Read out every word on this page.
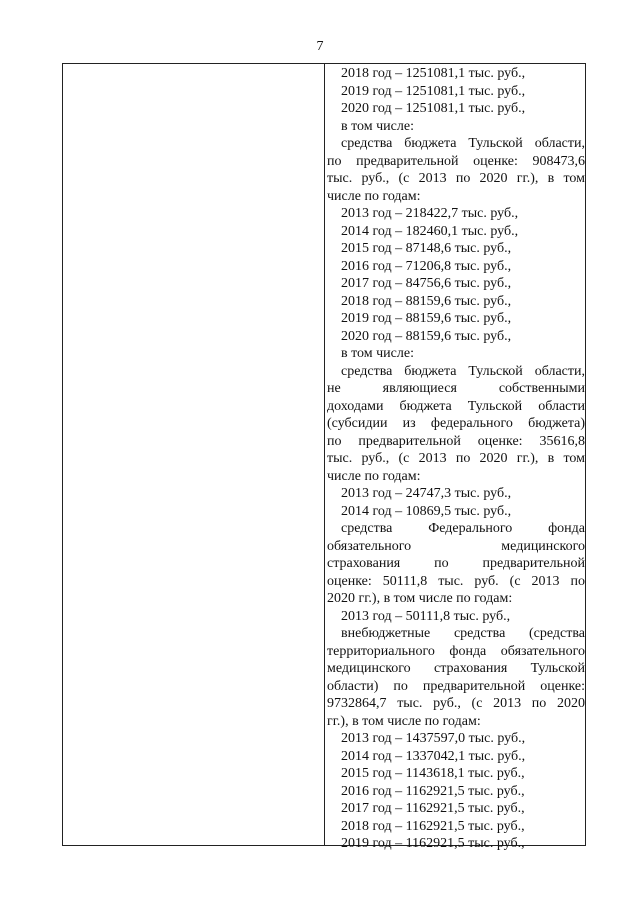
7
2018 год – 1251081,1 тыс. руб.,
2019 год – 1251081,1 тыс. руб.,
2020 год – 1251081,1 тыс. руб.,
в том числе:
средства бюджета Тульской области,
по предварительной оценке: 908473,6
тыс. руб., (с 2013 по 2020 гг.), в том
числе по годам:
2013 год – 218422,7 тыс. руб.,
2014 год – 182460,1 тыс. руб.,
2015 год – 87148,6 тыс. руб.,
2016 год – 71206,8 тыс. руб.,
2017 год – 84756,6 тыс. руб.,
2018 год – 88159,6 тыс. руб.,
2019 год – 88159,6 тыс. руб.,
2020 год – 88159,6 тыс. руб.,
в том числе:
средства бюджета Тульской области,
не являющиеся собственными
доходами бюджета Тульской области
(субсидии из федерального бюджета)
по предварительной оценке: 35616,8
тыс. руб., (с 2013 по 2020 гг.), в том
числе по годам:
2013 год – 24747,3 тыс. руб.,
2014 год – 10869,5 тыс. руб.,
средства Федерального фонда
обязательного медицинского
страхования по предварительной
оценке: 50111,8 тыс. руб. (с 2013 по
2020 гг.), в том числе по годам:
2013 год – 50111,8 тыс. руб.,
внебюджетные средства (средства
территориального фонда обязательного
медицинского страхования Тульской
области) по предварительной оценке:
9732864,7 тыс. руб., (с 2013 по 2020
гг.), в том числе по годам:
2013 год – 1437597,0 тыс. руб.,
2014 год – 1337042,1 тыс. руб.,
2015 год – 1143618,1 тыс. руб.,
2016 год – 1162921,5 тыс. руб.,
2017 год – 1162921,5 тыс. руб.,
2018 год – 1162921,5 тыс. руб.,
2019 год – 1162921,5 тыс. руб.,
